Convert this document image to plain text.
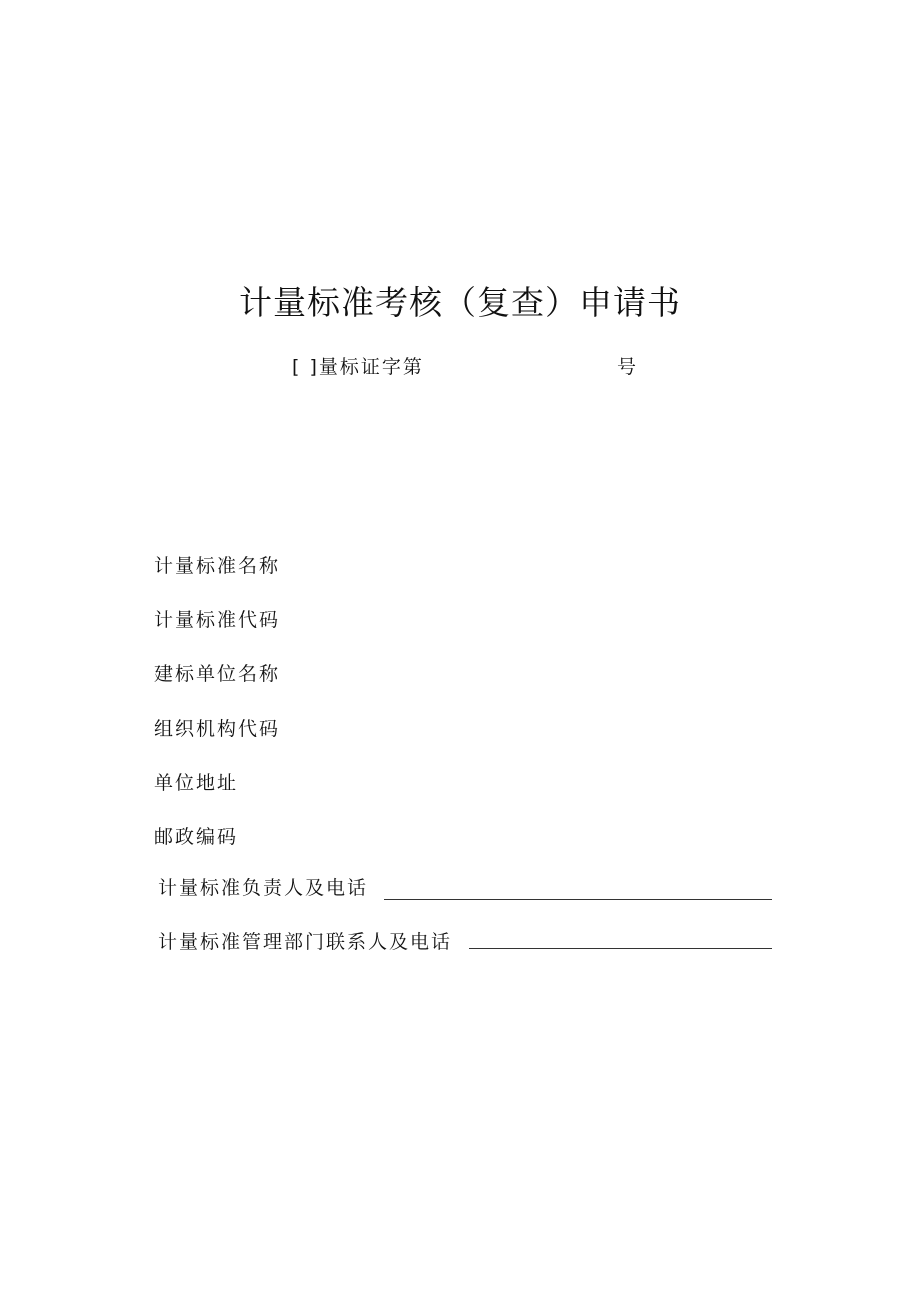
计量标准考核（复查）申请书
[ ]量标证字第	号
计量标准名称
计量标准代码
建标单位名称
组织机构代码
单位地址
邮政编码
计量标准负责人及电话
计量标准管理部门联系人及电话
